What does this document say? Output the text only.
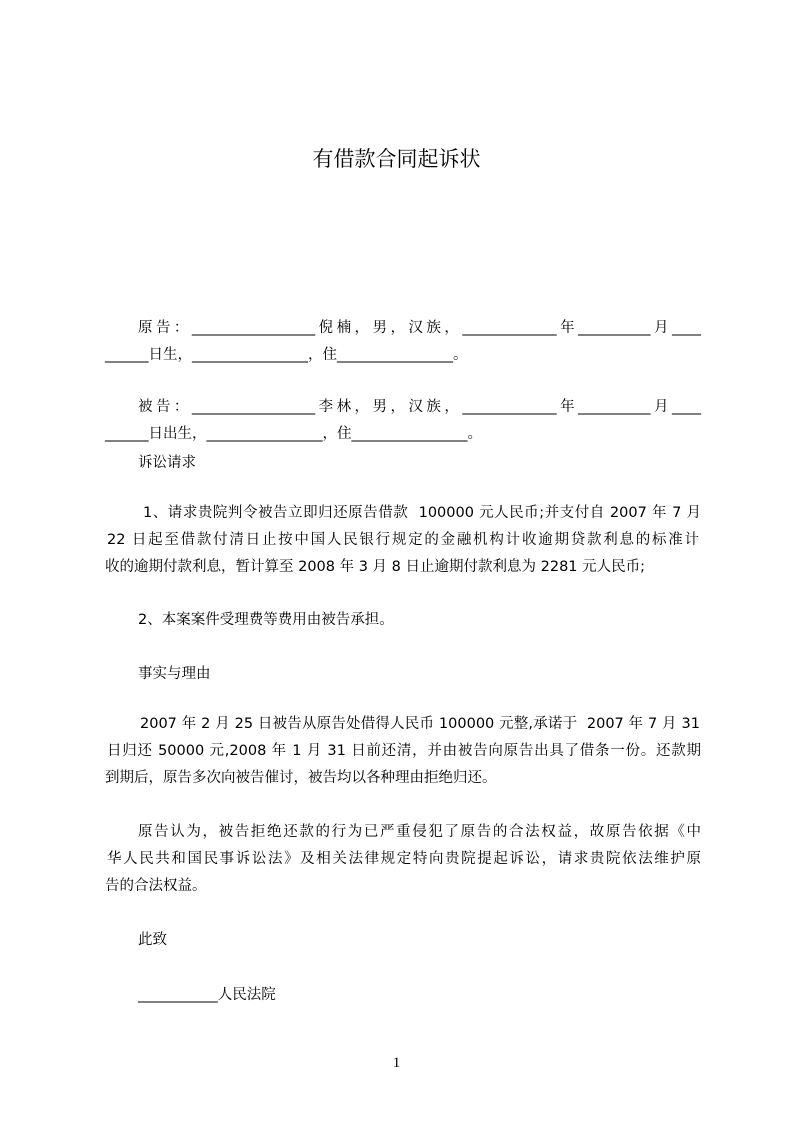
有借款合同起诉状
原告：_________________倪楠，男，汉族，_____________年__________月____
______日生，________________，住________________。
被告：_________________李林，男，汉族，_____________年__________月____
______日出生，________________，住________________。
诉讼请求
1、请求贵院判令被告立即归还原告借款  100000 元人民币;并支付自 2007 年 7 月
22 日起至借款付清日止按中国人民银行规定的金融机构计收逾期贷款利息的标准计
收的逾期付款利息，暂计算至 2008 年 3 月 8 日止逾期付款利息为 2281 元人民币;
2、本案案件受理费等费用由被告承担。
事实与理由
2007 年 2 月 25 日被告从原告处借得人民币 100000 元整,承诺于  2007 年 7 月 31
日归还 50000 元,2008 年 1 月 31 日前还清，并由被告向原告出具了借条一份。还款期
到期后，原告多次向被告催讨，被告均以各种理由拒绝归还。
原告认为，被告拒绝还款的行为已严重侵犯了原告的合法权益，故原告依据《中
华人民共和国民事诉讼法》及相关法律规定特向贵院提起诉讼，请求贵院依法维护原
告的合法权益。
此致
___________人民法院
1
